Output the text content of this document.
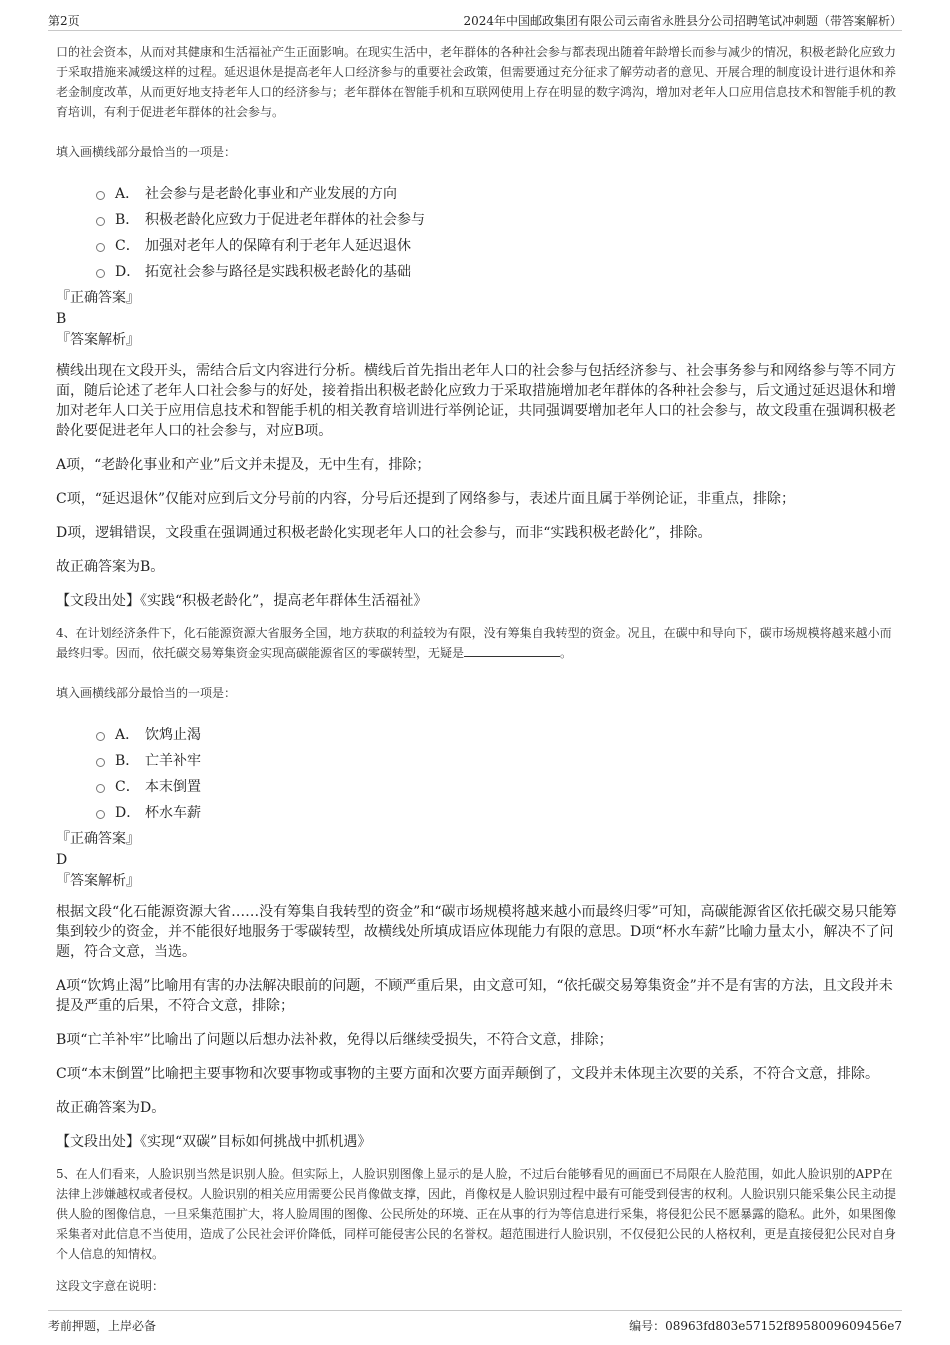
第2页	2024年中国邮政集团有限公司云南省永胜县分公司招聘笔试冲刺题（带答案解析）

口的社会资本，从而对其健康和生活福祉产生正面影响。在现实生活中，老年群体的各种社会参与都表现出随着年龄增长而参与减少的情况，积极老龄化应致力于采取措施来减缓这样的过程。延迟退休是提高老年人口经济参与的重要社会政策，但需要通过充分征求了解劳动者的意见、开展合理的制度设计进行退休和养老金制度改革，从而更好地支持老年人口的经济参与；老年群体在智能手机和互联网使用上存在明显的数字鸿沟，增加对老年人口应用信息技术和智能手机的教育培训，有利于促进老年群体的社会参与。

填入画横线部分最恰当的一项是：

A． 社会参与是老龄化事业和产业发展的方向
B． 积极老龄化应致力于促进老年群体的社会参与
C． 加强对老年人的保障有利于老年人延迟退休
D． 拓宽社会参与路径是实践积极老龄化的基础

『正确答案』

B

『答案解析』

横线出现在文段开头，需结合后文内容进行分析。横线后首先指出老年人口的社会参与包括经济参与、社会事务参与和网络参与等不同方面，随后论述了老年人口社会参与的好处，接着指出积极老龄化应致力于采取措施增加老年群体的各种社会参与，后文通过延迟退休和增加对老年人口关于应用信息技术和智能手机的相关教育培训进行举例论证，共同强调要增加老年人口的社会参与，故文段重在强调积极老龄化要促进老年人口的社会参与，对应B项。

A项，“老龄化事业和产业”后文并未提及，无中生有，排除；

C项，“延迟退休”仅能对应到后文分号前的内容，分号后还提到了网络参与，表述片面且属于举例论证，非重点，排除；

D项，逻辑错误，文段重在强调通过积极老龄化实现老年人口的社会参与，而非“实践积极老龄化”，排除。

故正确答案为B。

【文段出处】《实践“积极老龄化”，提高老年群体生活福祉》

4、在计划经济条件下，化石能源资源大省服务全国，地方获取的利益较为有限，没有筹集自我转型的资金。况且，在碳中和导向下，碳市场规模将越来越小而最终归零。因而，依托碳交易筹集资金实现高碳能源省区的零碳转型，无疑是	。

填入画横线部分最恰当的一项是：

A． 饮鸩止渴
B． 亡羊补牢
C． 本末倒置
D． 杯水车薪

『正确答案』

D

『答案解析』

根据文段“化石能源资源大省……没有筹集自我转型的资金”和“碳市场规模将越来越小而最终归零”可知，高碳能源省区依托碳交易只能筹集到较少的资金，并不能很好地服务于零碳转型，故横线处所填成语应体现能力有限的意思。D项“杯水车薪”比喻力量太小，解决不了问题，符合文意，当选。

A项“饮鸩止渴”比喻用有害的办法解决眼前的问题，不顾严重后果，由文意可知，“依托碳交易筹集资金”并不是有害的方法，且文段并未提及严重的后果，不符合文意，排除；

B项“亡羊补牢”比喻出了问题以后想办法补救，免得以后继续受损失，不符合文意，排除；

C项“本末倒置”比喻把主要事物和次要事物或事物的主要方面和次要方面弄颠倒了，文段并未体现主次要的关系，不符合文意，排除。

故正确答案为D。

【文段出处】《实现“双碳”目标如何挑战中抓机遇》

5、在人们看来，人脸识别当然是识别人脸。但实际上，人脸识别图像上显示的是人脸，不过后台能够看见的画面已不局限在人脸范围，如此人脸识别的APP在法律上涉嫌越权或者侵权。人脸识别的相关应用需要公民肖像做支撑，因此，肖像权是人脸识别过程中最有可能受到侵害的权利。人脸识别只能采集公民主动提供人脸的图像信息，一旦采集范围扩大，将人脸周围的图像、公民所处的环境、正在从事的行为等信息进行采集，将侵犯公民不愿暴露的隐私。此外，如果图像采集者对此信息不当使用，造成了公民社会评价降低，同样可能侵害公民的名誉权。超范围进行人脸识别，不仅侵犯公民的人格权利，更是直接侵犯公民对自身个人信息的知情权。

这段文字意在说明：

考前押题，上岸必备	编号：08963fd803e57152f8958009609456e7
